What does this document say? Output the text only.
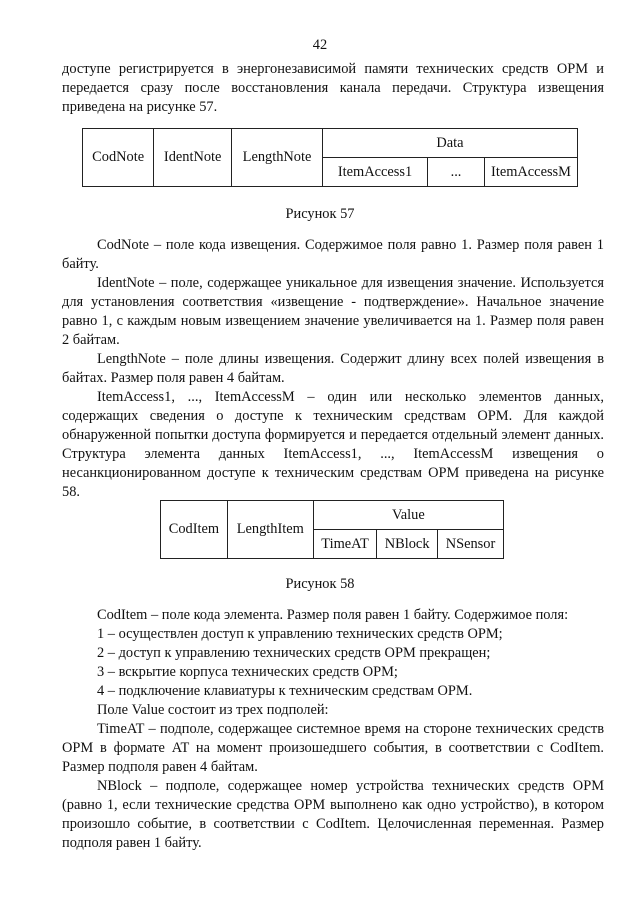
42

доступе регистрируется в энергонезависимой памяти технических средств ОРМ и передается сразу после восстановления канала передачи. Структура извещения приведена на рисунке 57.

CodNote	IdentNote	LengthNote	Data		
			ItemAccess1	...	ItemAccessM
Рисунок 57

CodNote – поле кода извещения. Содержимое поля равно 1. Размер поля равен 1 байту.

IdentNote – поле, содержащее уникальное для извещения значение. Используется для установления соответствия «извещение - подтверждение». Начальное значение равно 1, с каждым новым извещением значение увеличивается на 1. Размер поля равен 2 байтам.

LengthNote – поле длины извещения. Содержит длину всех полей извещения в байтах. Размер поля равен 4 байтам.

ItemAccess1, ..., ItemAccessM – один или несколько элементов данных, содержащих сведения о доступе к техническим средствам ОРМ. Для каждой обнаруженной попытки доступа формируется и передается отдельный элемент данных. Структура элемента данных ItemAccess1, ..., ItemAccessM извещения о несанкционированном доступе к техническим средствам ОРМ приведена на рисунке 58.

CodItem	LengthItem	Value		
		TimeAT	NBlock	NSensor
Рисунок 58

CodItem – поле кода элемента. Размер поля равен 1 байту. Содержимое поля:

1 – осуществлен доступ к управлению технических средств ОРМ;

2 – доступ к управлению технических средств ОРМ прекращен;

3 – вскрытие корпуса технических средств ОРМ;

4 – подключение клавиатуры к техническим средствам ОРМ.

Поле Value состоит из трех подполей:

TimeAT – подполе, содержащее системное время на стороне технических средств ОРМ в формате AT на момент произошедшего события, в соответствии с CodItem. Размер подполя равен 4 байтам.

NBlock – подполе, содержащее номер устройства технических средств ОРМ (равно 1, если технические средства ОРМ выполнено как одно устройство), в котором произошло событие, в соответствии с CodItem. Целочисленная переменная. Размер подполя равен 1 байту.
